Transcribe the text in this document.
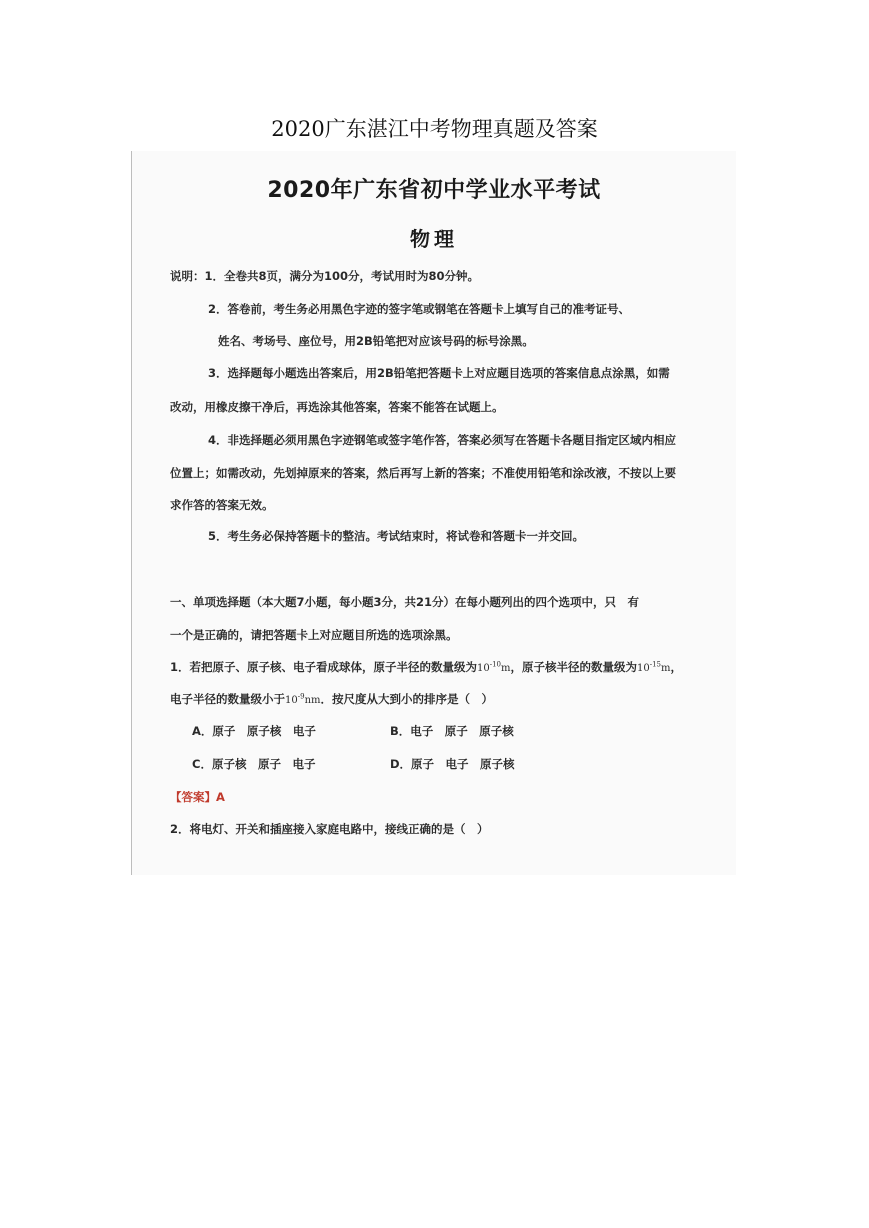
2020广东湛江中考物理真题及答案
2020年广东省初中学业水平考试
物理
说明：1．全卷共8页，满分为100分，考试用时为80分钟。
2．答卷前，考生务必用黑色字迹的签字笔或钢笔在答题卡上填写自己的准考证号、
姓名、考场号、座位号，用2B铅笔把对应该号码的标号涂黑。
3．选择题每小题选出答案后，用2B铅笔把答题卡上对应题目选项的答案信息点涂黑，如需
改动，用橡皮擦干净后，再选涂其他答案，答案不能答在试题上。
4．非选择题必须用黑色字迹钢笔或签字笔作答，答案必须写在答题卡各题目指定区域内相应
位置上；如需改动，先划掉原来的答案，然后再写上新的答案；不准使用铅笔和涂改液，不按以上要
求作答的答案无效。
5．考生务必保持答题卡的整洁。考试结束时，将试卷和答题卡一并交回。
一、单项选择题（本大题7小题，每小题3分，共21分）在每小题列出的四个选项中，只　有
一个是正确的，请把答题卡上对应题目所选的选项涂黑。
1．若把原子、原子核、电子看成球体，原子半径的数量级为$10^{-10}m$，原子核半径的数量级为$10^{-15}m$，
电子半径的数量级小于$10^{-9}nm$．按尺度从大到小的排序是（　）
A．原子　原子核　电子	B．电子　原子　原子核
C．原子核　原子　电子	D．原子　电子　原子核
【答案】A
2．将电灯、开关和插座接入家庭电路中，接线正确的是（　）
